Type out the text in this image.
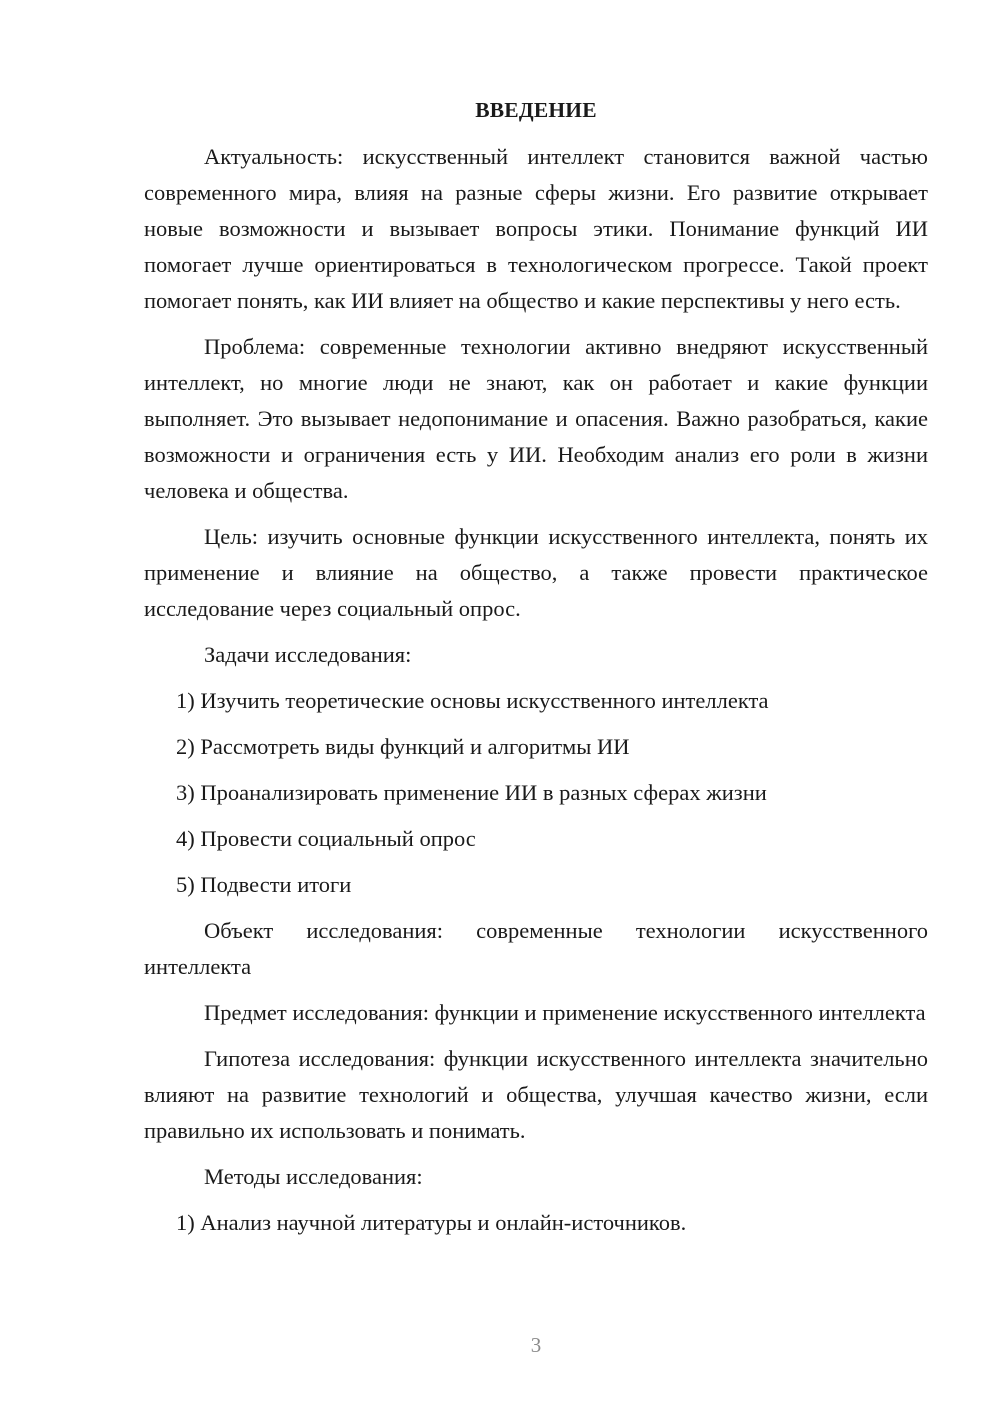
ВВЕДЕНИЕ

Актуальность: искусственный интеллект становится важной частью современного мира, влияя на разные сферы жизни. Его развитие открывает новые возможности и вызывает вопросы этики. Понимание функций ИИ помогает лучше ориентироваться в технологическом прогрессе. Такой проект помогает понять, как ИИ влияет на общество и какие перспективы у него есть.

Проблема: современные технологии активно внедряют искусственный интеллект, но многие люди не знают, как он работает и какие функции выполняет. Это вызывает недопонимание и опасения. Важно разобраться, какие возможности и ограничения есть у ИИ. Необходим анализ его роли в жизни человека и общества.

Цель: изучить основные функции искусственного интеллекта, понять их применение и влияние на общество, а также провести практическое исследование через социальный опрос.

Задачи исследования:

1) Изучить теоретические основы искусственного интеллекта
2) Рассмотреть виды функций и алгоритмы ИИ
3) Проанализировать применение ИИ в разных сферах жизни
4) Провести социальный опрос
5) Подвести итоги

Объект исследования: современные технологии искусственного интеллекта

Предмет исследования: функции и применение искусственного интеллекта

Гипотеза исследования: функции искусственного интеллекта значительно влияют на развитие технологий и общества, улучшая качество жизни, если правильно их использовать и понимать.

Методы исследования:

1) Анализ научной литературы и онлайн-источников.
3
